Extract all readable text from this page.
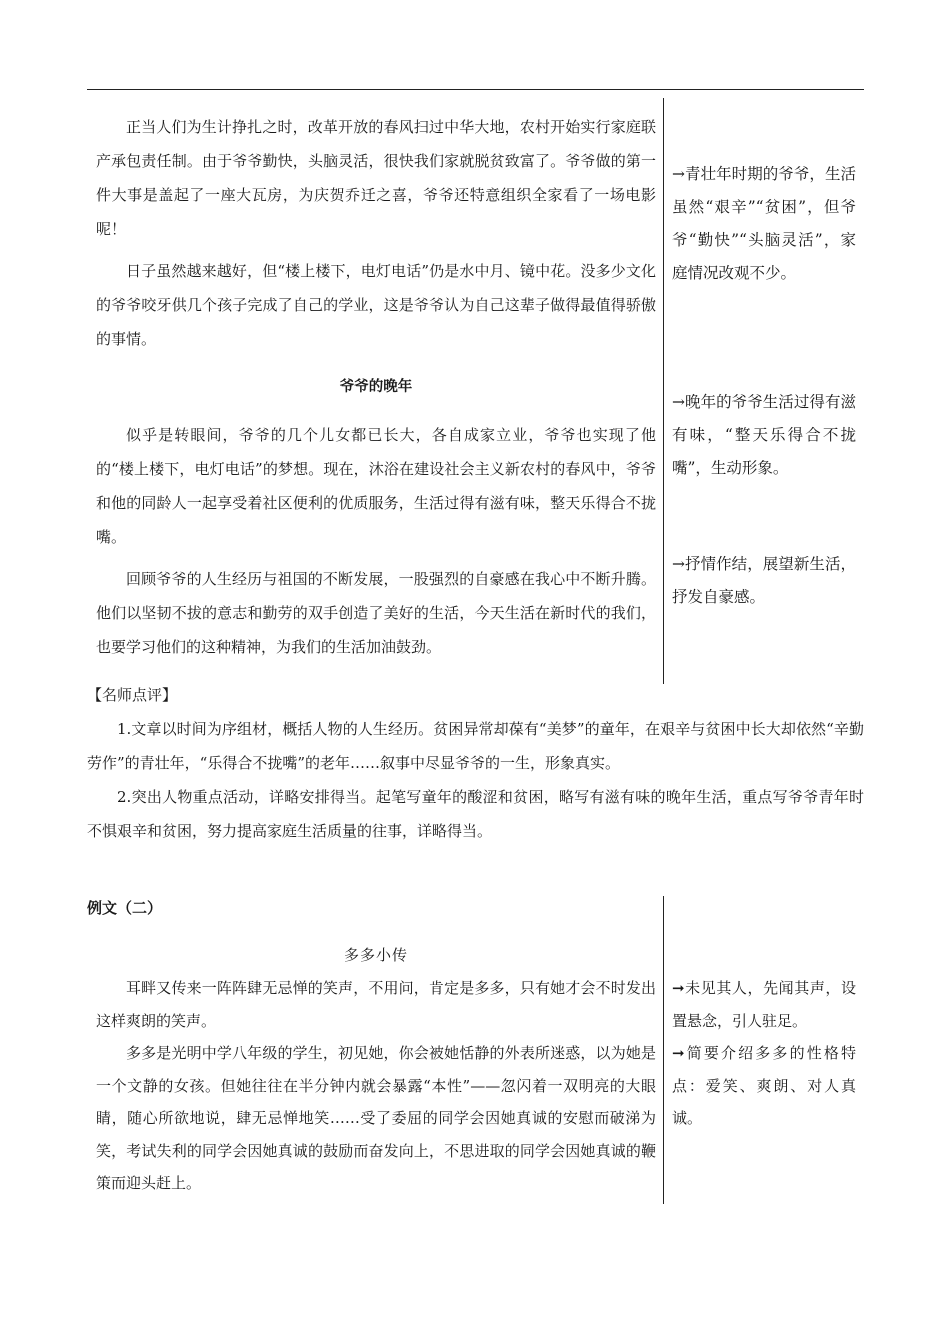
正当人们为生计挣扎之时，改革开放的春风扫过中华大地，农村开始实行家庭联产承包责任制。由于爷爷勤快，头脑灵活，很快我们家就脱贫致富了。爷爷做的第一件大事是盖起了一座大瓦房，为庆贺乔迁之喜，爷爷还特意组织全家看了一场电影呢！

日子虽然越来越好，但“楼上楼下，电灯电话”仍是水中月、镜中花。没多少文化的爷爷咬牙供几个孩子完成了自己的学业，这是爷爷认为自己这辈子做得最值得骄傲的事情。

爷爷的晚年

似乎是转眼间，爷爷的几个儿女都已长大，各自成家立业，爷爷也实现了他的“楼上楼下，电灯电话”的梦想。现在，沐浴在建设社会主义新农村的春风中，爷爷和他的同龄人一起享受着社区便利的优质服务，生活过得有滋有味，整天乐得合不拢嘴。

回顾爷爷的人生经历与祖国的不断发展，一股强烈的自豪感在我心中不断升腾。他们以坚韧不拔的意志和勤劳的双手创造了美好的生活，今天生活在新时代的我们，也要学习他们的这种精神，为我们的生活加油鼓劲。

→青壮年时期的爷爷，生活虽然“艰辛”“贫困”，但爷爷“勤快”“头脑灵活”，家庭情况改观不少。
→晚年的爷爷生活过得有滋有味，“整天乐得合不拢嘴”，生动形象。
→抒情作结，展望新生活，抒发自豪感。

【名师点评】

1.文章以时间为序组材，概括人物的人生经历。贫困异常却葆有“美梦”的童年，在艰辛与贫困中长大却依然“辛勤劳作”的青壮年，“乐得合不拢嘴”的老年……叙事中尽显爷爷的一生，形象真实。

2.突出人物重点活动，详略安排得当。起笔写童年的酸涩和贫困，略写有滋有味的晚年生活，重点写爷爷青年时不惧艰辛和贫困，努力提高家庭生活质量的往事，详略得当。

例文（二）
多多小传

耳畔又传来一阵阵肆无忌惮的笑声，不用问，肯定是多多，只有她才会不时发出这样爽朗的笑声。

多多是光明中学八年级的学生，初见她，你会被她恬静的外表所迷惑，以为她是一个文静的女孩。但她往往在半分钟内就会暴露“本性”——忽闪着一双明亮的大眼睛，随心所欲地说，肆无忌惮地笑……受了委屈的同学会因她真诚的安慰而破涕为笑，考试失利的同学会因她真诚的鼓励而奋发向上，不思进取的同学会因她真诚的鞭策而迎头赶上。

➞未见其人，先闻其声，设置悬念，引人驻足。
➞简要介绍多多的性格特点：爱笑、爽朗、对人真诚。
